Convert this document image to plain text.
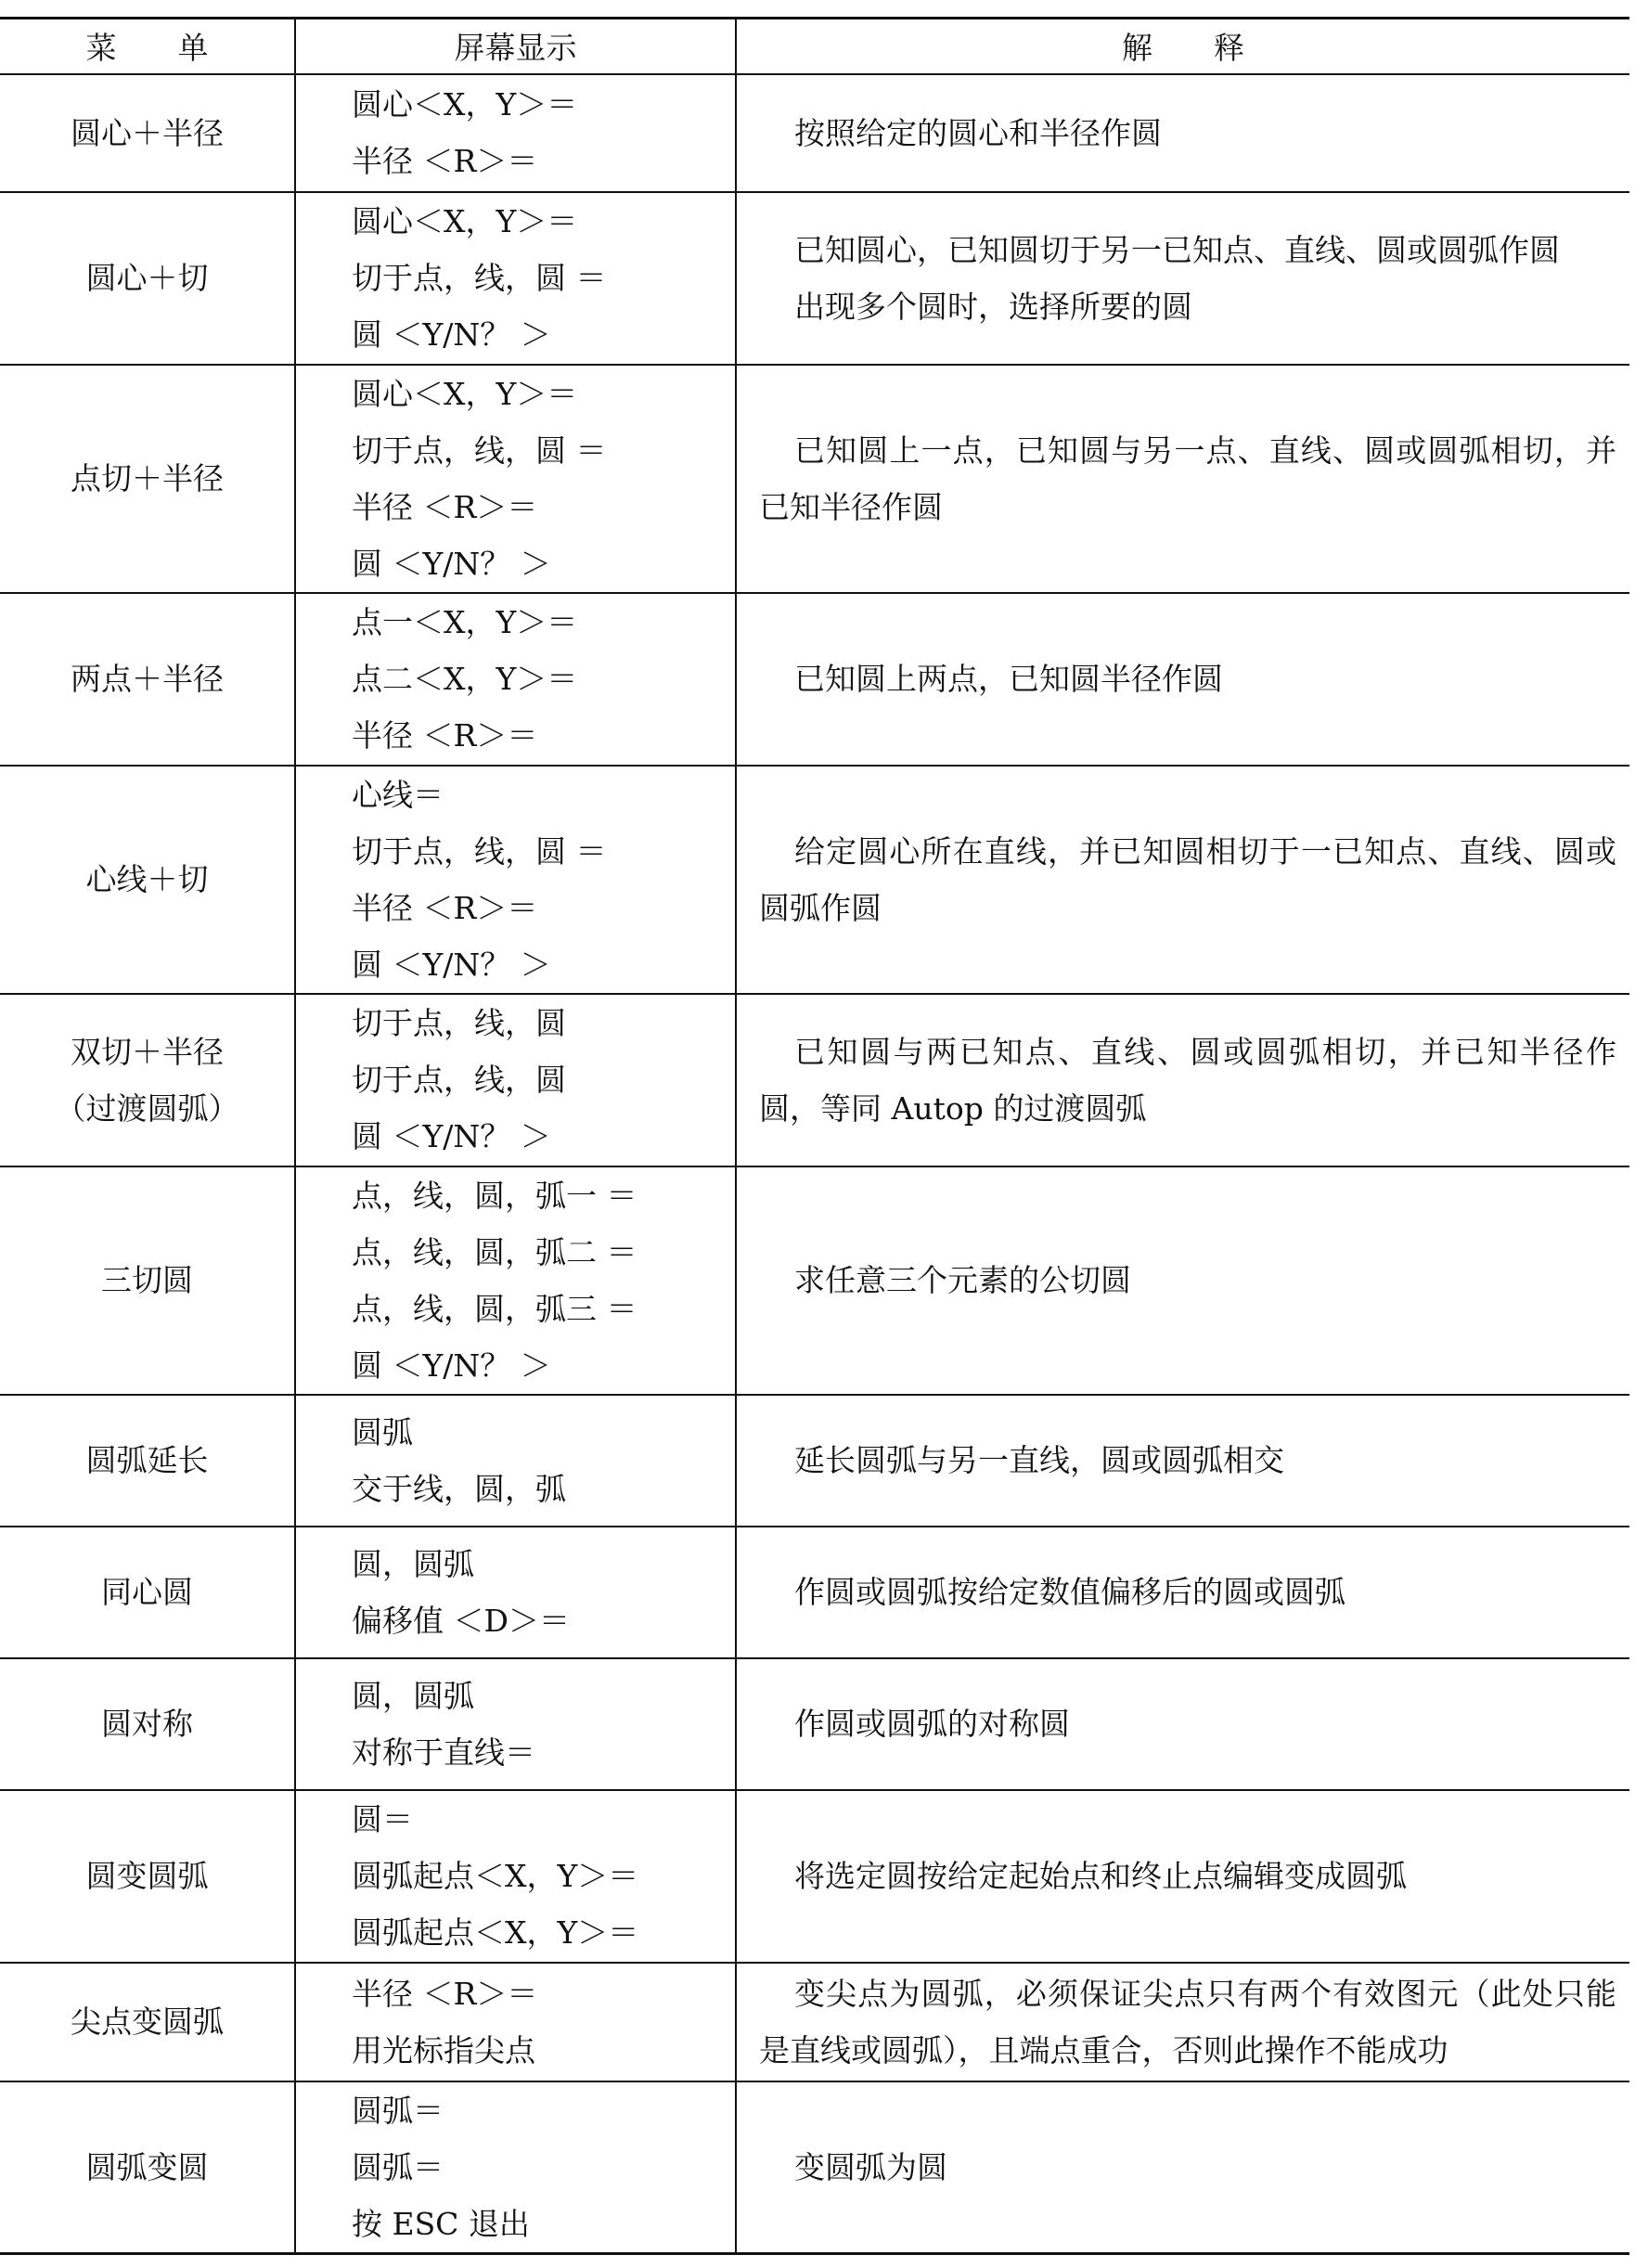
菜　　单	屏幕显示	解　　释

圆心＋半径	圆心＜X，Y＞＝
半径 ＜R＞＝	按照给定的圆心和半径作圆

圆心＋切	圆心＜X，Y＞＝
切于点，线，圆 ＝
圆 ＜Y/N？ ＞	已知圆心，已知圆切于另一已知点、直线、圆或圆弧作圆
出现多个圆时，选择所要的圆

点切＋半径	圆心＜X，Y＞＝
切于点，线，圆 ＝
半径 ＜R＞＝
圆 ＜Y/N？ ＞	已知圆上一点，已知圆与另一点、直线、圆或圆弧相切，并已知半径作圆

两点＋半径	点一＜X，Y＞＝
点二＜X，Y＞＝
半径 ＜R＞＝	已知圆上两点，已知圆半径作圆

心线＋切	心线＝
切于点，线，圆 ＝
半径 ＜R＞＝
圆 ＜Y/N？ ＞	给定圆心所在直线，并已知圆相切于一已知点、直线、圆或圆弧作圆

双切＋半径
（过渡圆弧）	切于点，线，圆
切于点，线，圆
圆 ＜Y/N？ ＞	已知圆与两已知点、直线、圆或圆弧相切，并已知半径作圆，等同 Autop 的过渡圆弧

三切圆	点，线，圆，弧一 ＝
点，线，圆，弧二 ＝
点，线，圆，弧三 ＝
圆 ＜Y/N？ ＞	求任意三个元素的公切圆

圆弧延长	圆弧
交于线，圆，弧	延长圆弧与另一直线，圆或圆弧相交

同心圆	圆，圆弧
偏移值 ＜D＞＝	作圆或圆弧按给定数值偏移后的圆或圆弧

圆对称	圆，圆弧
对称于直线＝	作圆或圆弧的对称圆

圆变圆弧	圆＝
圆弧起点＜X，Y＞＝
圆弧起点＜X，Y＞＝	将选定圆按给定起始点和终止点编辑变成圆弧

尖点变圆弧	半径 ＜R＞＝
用光标指尖点	变尖点为圆弧，必须保证尖点只有两个有效图元（此处只能是直线或圆弧），且端点重合，否则此操作不能成功

圆弧变圆	圆弧＝
圆弧＝
按 ESC 退出	变圆弧为圆
